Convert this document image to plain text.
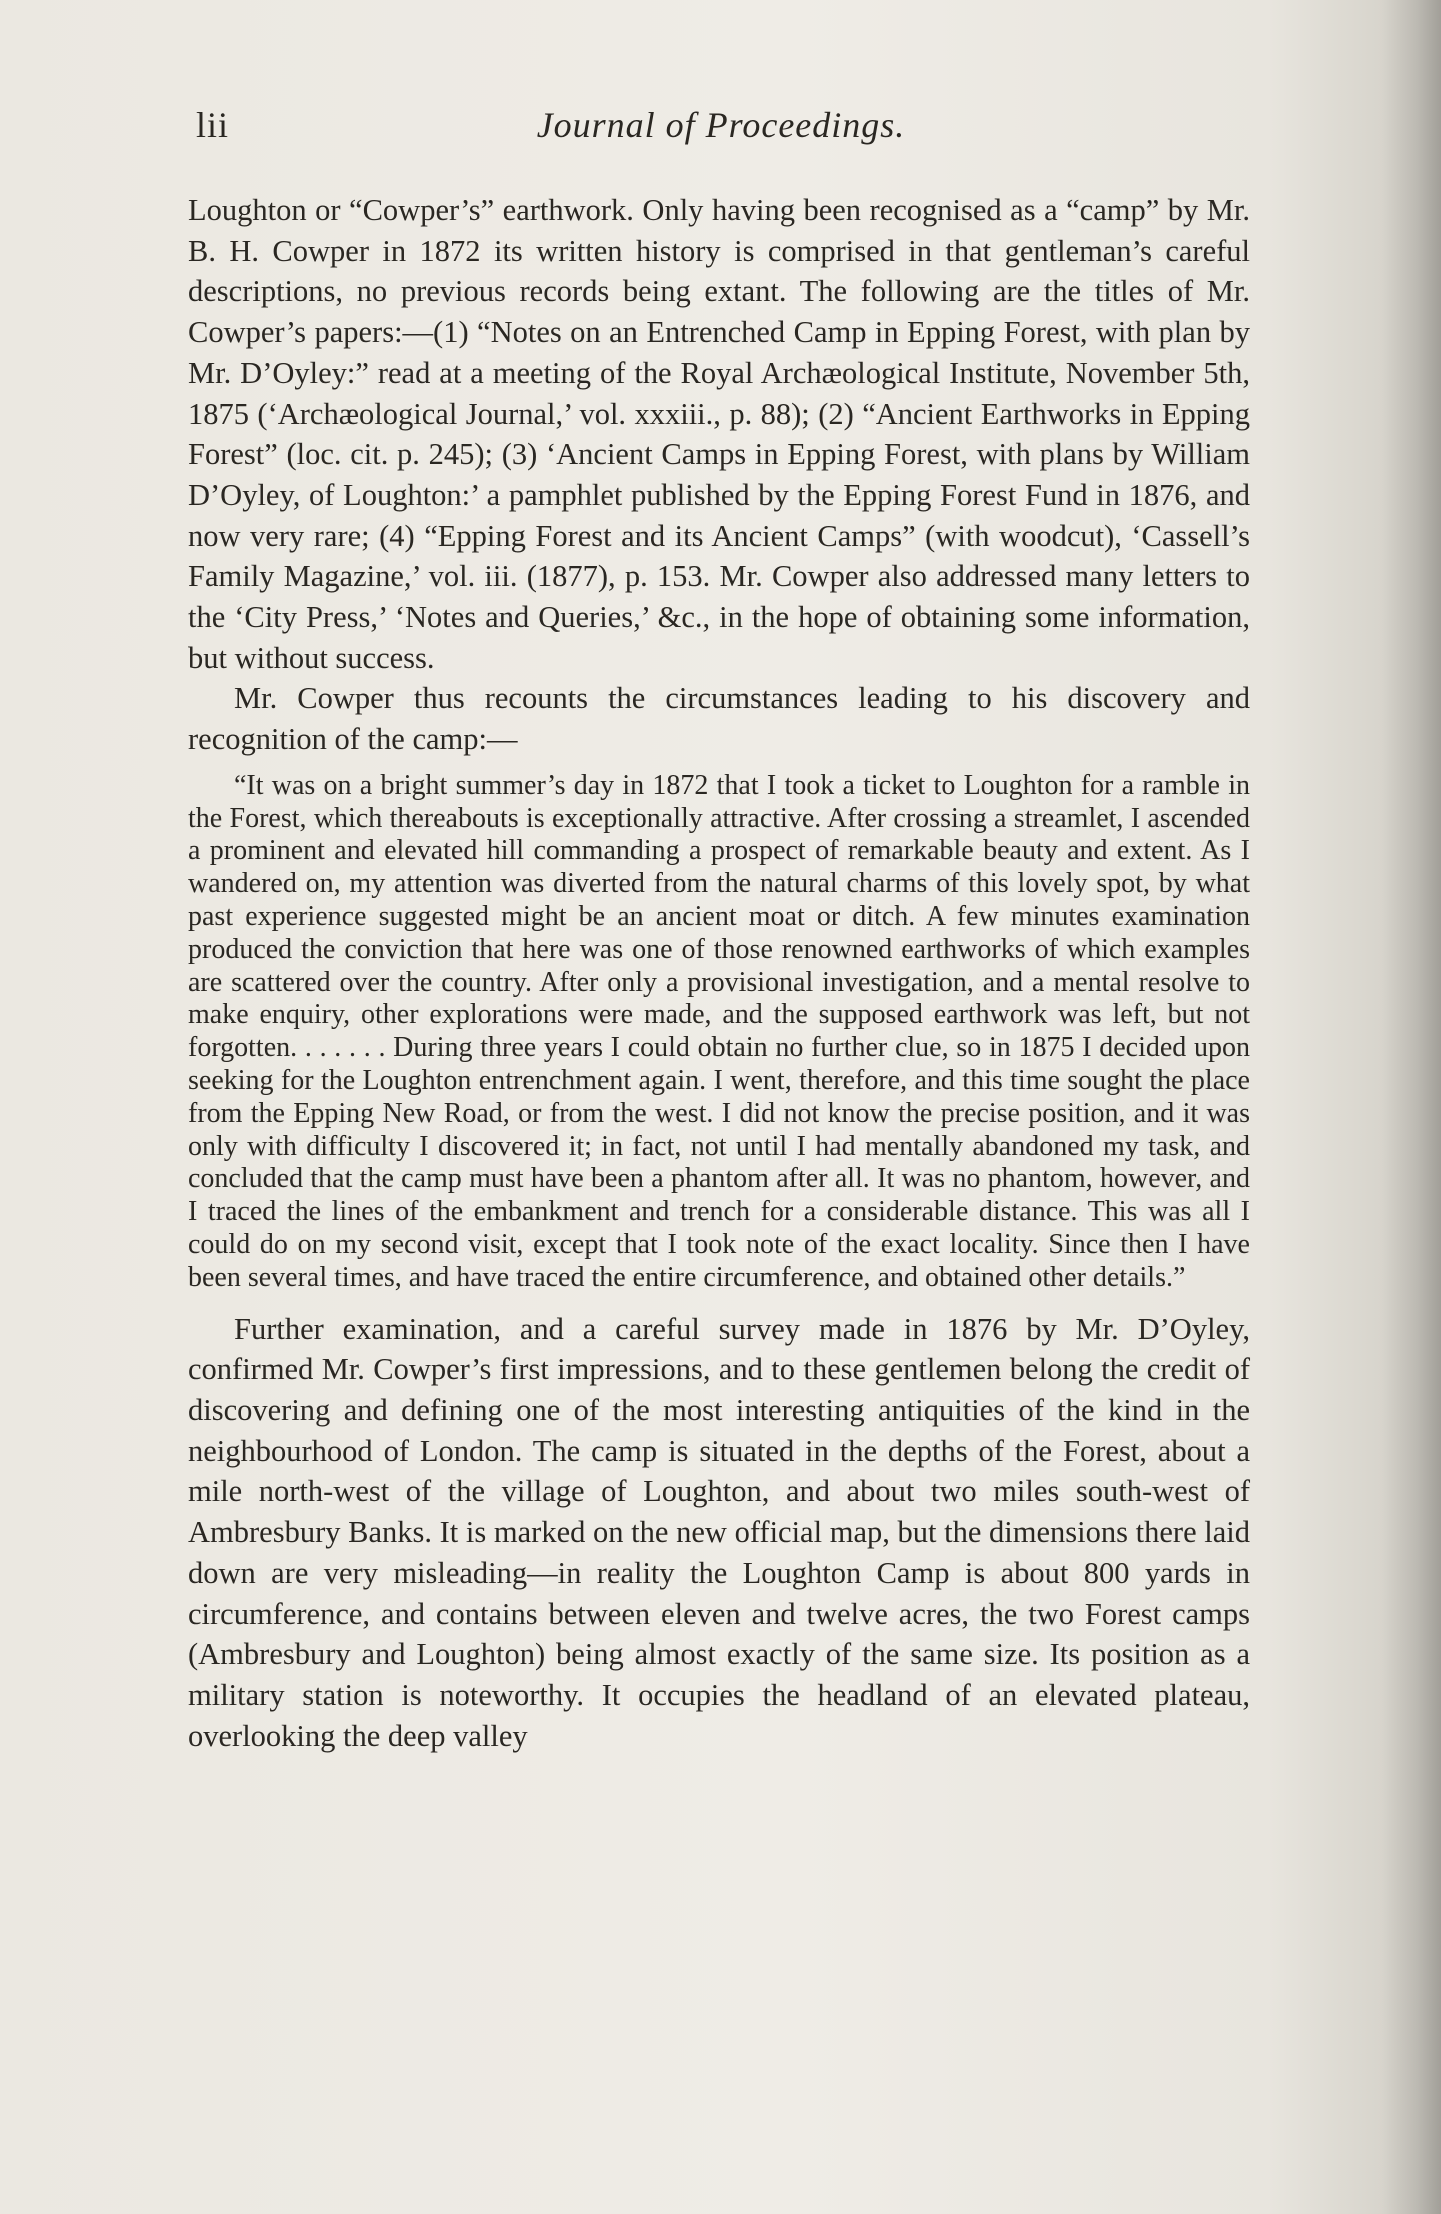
lii	Journal of Proceedings.

Loughton or “Cowper’s” earthwork. Only having been recognised as a “camp” by Mr. B. H. Cowper in 1872 its written history is comprised in that gentleman’s careful descriptions, no previous records being extant. The following are the titles of Mr. Cowper’s papers:—(1) “Notes on an Entrenched Camp in Epping Forest, with plan by Mr. D’Oyley:” read at a meeting of the Royal Archæological Institute, November 5th, 1875 (‘Archæological Journal,’ vol. xxxiii., p. 88); (2) “Ancient Earthworks in Epping Forest” (loc. cit. p. 245); (3) ‘Ancient Camps in Epping Forest, with plans by William D’Oyley, of Loughton:’ a pamphlet published by the Epping Forest Fund in 1876, and now very rare; (4) “Epping Forest and its Ancient Camps” (with woodcut), ‘Cassell’s Family Magazine,’ vol. iii. (1877), p. 153. Mr. Cowper also addressed many letters to the ‘City Press,’ ‘Notes and Queries,’ &c., in the hope of obtaining some information, but without success.

Mr. Cowper thus recounts the circumstances leading to his discovery and recognition of the camp:—

“It was on a bright summer’s day in 1872 that I took a ticket to Loughton for a ramble in the Forest, which thereabouts is exceptionally attractive. After crossing a streamlet, I ascended a prominent and elevated hill commanding a prospect of remarkable beauty and extent. As I wandered on, my attention was diverted from the natural charms of this lovely spot, by what past experience suggested might be an ancient moat or ditch. A few minutes examination produced the conviction that here was one of those renowned earthworks of which examples are scattered over the country. After only a provisional investigation, and a mental resolve to make enquiry, other explorations were made, and the supposed earthwork was left, but not forgotten. . . . . . . During three years I could obtain no further clue, so in 1875 I decided upon seeking for the Loughton entrenchment again. I went, therefore, and this time sought the place from the Epping New Road, or from the west. I did not know the precise position, and it was only with difficulty I discovered it; in fact, not until I had mentally abandoned my task, and concluded that the camp must have been a phantom after all. It was no phantom, however, and I traced the lines of the embankment and trench for a considerable distance. This was all I could do on my second visit, except that I took note of the exact locality. Since then I have been several times, and have traced the entire circumference, and obtained other details.”

Further examination, and a careful survey made in 1876 by Mr. D’Oyley, confirmed Mr. Cowper’s first impressions, and to these gentlemen belong the credit of discovering and defining one of the most interesting antiquities of the kind in the neighbourhood of London. The camp is situated in the depths of the Forest, about a mile north-west of the village of Loughton, and about two miles south-west of Ambresbury Banks. It is marked on the new official map, but the dimensions there laid down are very misleading—in reality the Loughton Camp is about 800 yards in circumference, and contains between eleven and twelve acres, the two Forest camps (Ambresbury and Loughton) being almost exactly of the same size. Its position as a military station is noteworthy. It occupies the headland of an elevated plateau, overlooking the deep valley
